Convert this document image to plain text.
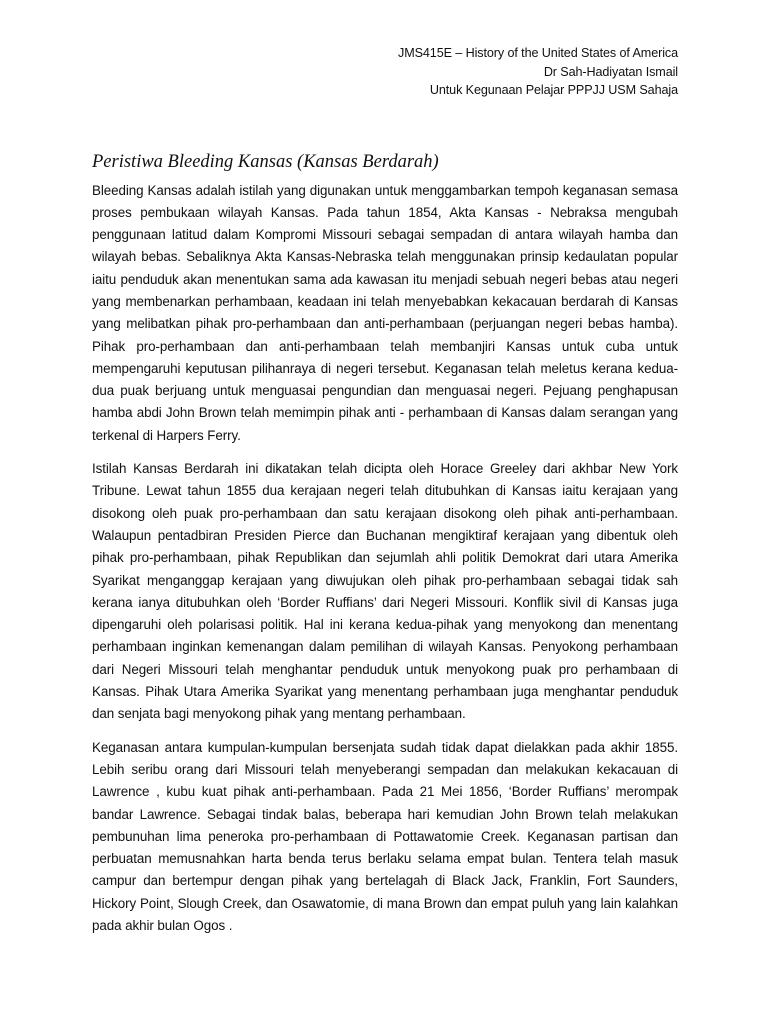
JMS415E – History of the United States of America
Dr Sah-Hadiyatan Ismail
Untuk Kegunaan Pelajar PPPJJ USM Sahaja
Peristiwa Bleeding Kansas (Kansas Berdarah)

Bleeding Kansas adalah istilah yang digunakan untuk menggambarkan tempoh keganasan semasa proses pembukaan wilayah Kansas. Pada tahun 1854, Akta Kansas - Nebraksa mengubah penggunaan latitud dalam Kompromi Missouri sebagai sempadan di antara wilayah hamba dan wilayah bebas. Sebaliknya Akta Kansas-Nebraska telah menggunakan prinsip kedaulatan popular iaitu penduduk akan menentukan sama ada kawasan itu menjadi sebuah negeri bebas atau negeri yang membenarkan perhambaan, keadaan ini telah menyebabkan kekacauan berdarah di Kansas yang melibatkan pihak pro-perhambaan dan anti-perhambaan (perjuangan negeri bebas hamba). Pihak pro-perhambaan dan anti-perhambaan telah membanjiri Kansas untuk cuba untuk mempengaruhi keputusan pilihanraya di negeri tersebut. Keganasan telah meletus kerana kedua-dua puak berjuang untuk menguasai pengundian dan menguasai negeri. Pejuang penghapusan hamba abdi John Brown telah memimpin pihak anti - perhambaan di Kansas dalam serangan yang terkenal di Harpers Ferry.

Istilah Kansas Berdarah ini dikatakan telah dicipta oleh Horace Greeley dari akhbar New York Tribune. Lewat tahun 1855 dua kerajaan negeri telah ditubuhkan di Kansas iaitu kerajaan yang disokong oleh puak pro-perhambaan dan satu kerajaan disokong oleh pihak anti-perhambaan. Walaupun pentadbiran Presiden Pierce dan Buchanan mengiktiraf kerajaan yang dibentuk oleh pihak pro-perhambaan, pihak Republikan dan sejumlah ahli politik Demokrat dari utara Amerika Syarikat menganggap kerajaan yang diwujukan oleh pihak pro-perhambaan sebagai tidak sah kerana ianya ditubuhkan oleh ‘Border Ruffians’ dari Negeri Missouri. Konflik sivil di Kansas juga dipengaruhi oleh polarisasi politik. Hal ini kerana kedua-pihak yang menyokong dan menentang perhambaan inginkan kemenangan dalam pemilihan di wilayah Kansas. Penyokong perhambaan dari Negeri Missouri telah menghantar penduduk untuk menyokong puak pro perhambaan di Kansas. Pihak Utara Amerika Syarikat yang menentang perhambaan juga menghantar penduduk dan senjata bagi menyokong pihak yang mentang perhambaan.

Keganasan antara kumpulan-kumpulan bersenjata sudah tidak dapat dielakkan pada akhir 1855. Lebih seribu orang dari Missouri telah menyeberangi sempadan dan melakukan kekacauan di Lawrence , kubu kuat pihak anti-perhambaan. Pada 21 Mei 1856, ‘Border Ruffians’ merompak bandar Lawrence. Sebagai tindak balas, beberapa hari kemudian John Brown telah melakukan pembunuhan lima peneroka pro-perhambaan di Pottawatomie Creek. Keganasan partisan dan perbuatan memusnahkan harta benda terus berlaku selama empat bulan. Tentera telah masuk campur dan bertempur dengan pihak yang bertelagah di Black Jack, Franklin, Fort Saunders, Hickory Point, Slough Creek, dan Osawatomie, di mana Brown dan empat puluh yang lain kalahkan pada akhir bulan Ogos .
